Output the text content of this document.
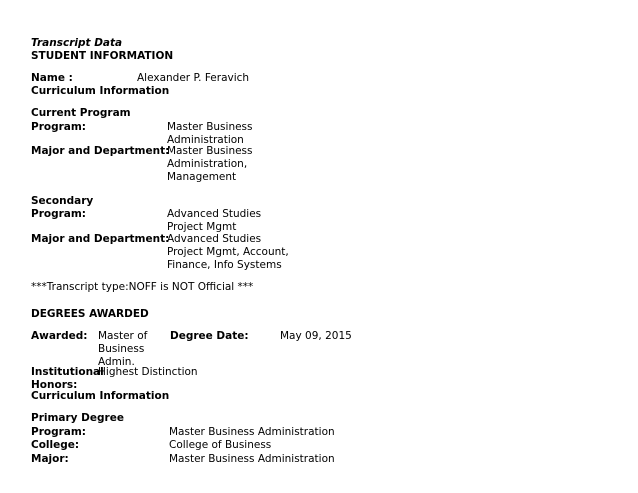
Transcript Data
STUDENT INFORMATION
Name :	Alexander P. Feravich
Curriculum Information
Current Program
Program:	Master Business
Administration
Major and Department:
Master Business
Administration,
Management
Secondary
Program:	Advanced Studies
Project Mgmt
Major and Department:
Advanced Studies
Project Mgmt, Account,
Finance, Info Systems
***Transcript type:NOFF is NOT Official ***
DEGREES AWARDED
Awarded: Master of
Business
Admin.
Degree Date:	May 09, 2015
Institutional
Honors:
Highest Distinction
Curriculum Information
Primary Degree
Program:	Master Business Administration
College:	College of Business
Major:	Master Business Administration
